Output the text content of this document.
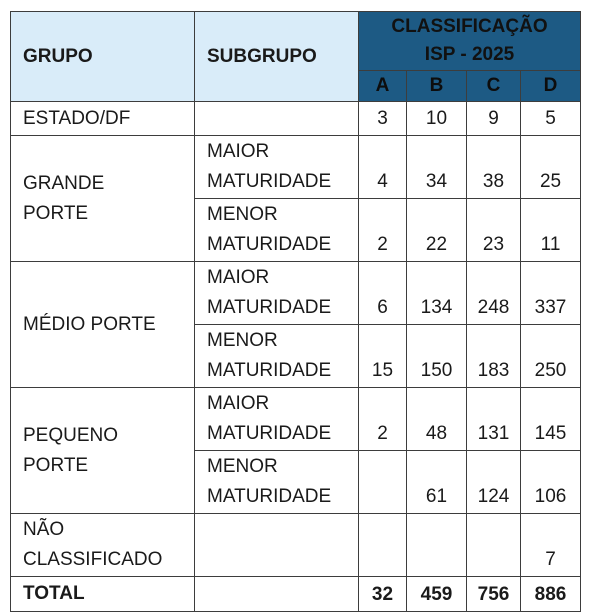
GRUPO	SUBGRUPO	CLASSIFICAÇÃO
ISP - 2025			

		A	B	C	D
ESTADO/DF		3	10	9	5
GRANDE PORTE	MAIOR MATURIDADE	4	34	38	25
	MENOR MATURIDADE	2	22	23	11
MÉDIO PORTE	MAIOR MATURIDADE	6	134	248	337
	MENOR MATURIDADE	15	150	183	250
PEQUENO PORTE	MAIOR MATURIDADE	2	48	131	145
	MENOR MATURIDADE		61	124	106
NÃO CLASSIFICADO					7
TOTAL		32	459	756	886
